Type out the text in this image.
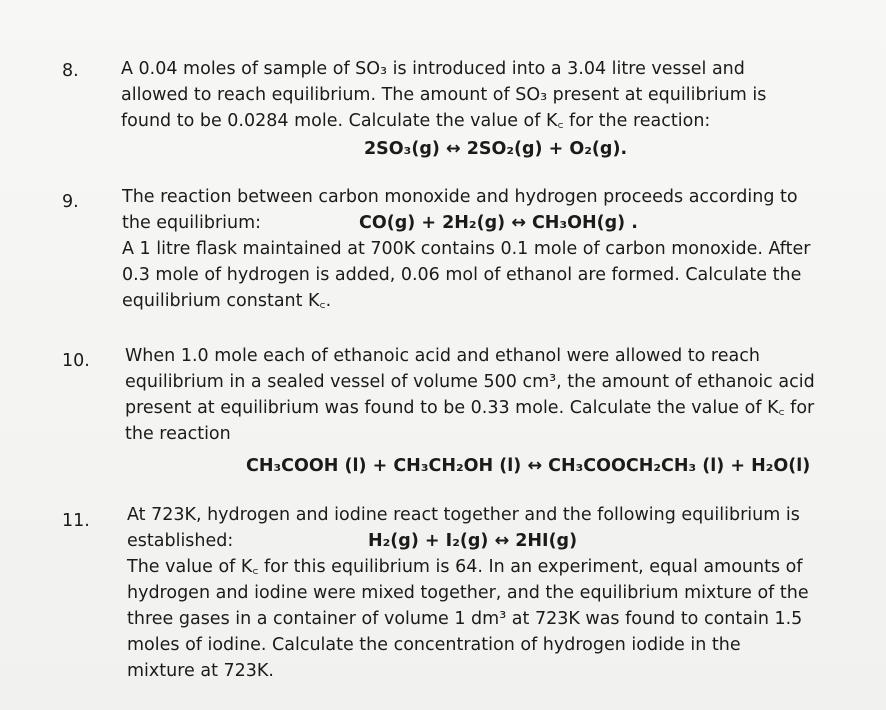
8. A 0.04 moles of sample of SO₃ is introduced into a 3.04 litre vessel and
allowed to reach equilibrium. The amount of SO₃ present at equilibrium is
found to be 0.0284 mole. Calculate the value of K꜀ for the reaction:
2SO₃(g) ↔ 2SO₂(g) + O₂(g).
9. The reaction between carbon monoxide and hydrogen proceeds according to
the equilibrium:	CO(g) + 2H₂(g) ↔ CH₃OH(g) .
A 1 litre flask maintained at 700K contains 0.1 mole of carbon monoxide. After
0.3 mole of hydrogen is added, 0.06 mol of ethanol are formed. Calculate the
equilibrium constant K꜀.
10. When 1.0 mole each of ethanoic acid and ethanol were allowed to reach
equilibrium in a sealed vessel of volume 500 cm³, the amount of ethanoic acid
present at equilibrium was found to be 0.33 mole. Calculate the value of K꜀ for
the reaction
CH₃COOH (l) + CH₃CH₂OH (l) ↔ CH₃COOCH₂CH₃ (l) + H₂O(l)
11. At 723K, hydrogen and iodine react together and the following equilibrium is
established:	H₂(g) + I₂(g) ↔ 2HI(g)
The value of K꜀ for this equilibrium is 64. In an experiment, equal amounts of
hydrogen and iodine were mixed together, and the equilibrium mixture of the
three gases in a container of volume 1 dm³ at 723K was found to contain 1.5
moles of iodine. Calculate the concentration of hydrogen iodide in the
mixture at 723K.
